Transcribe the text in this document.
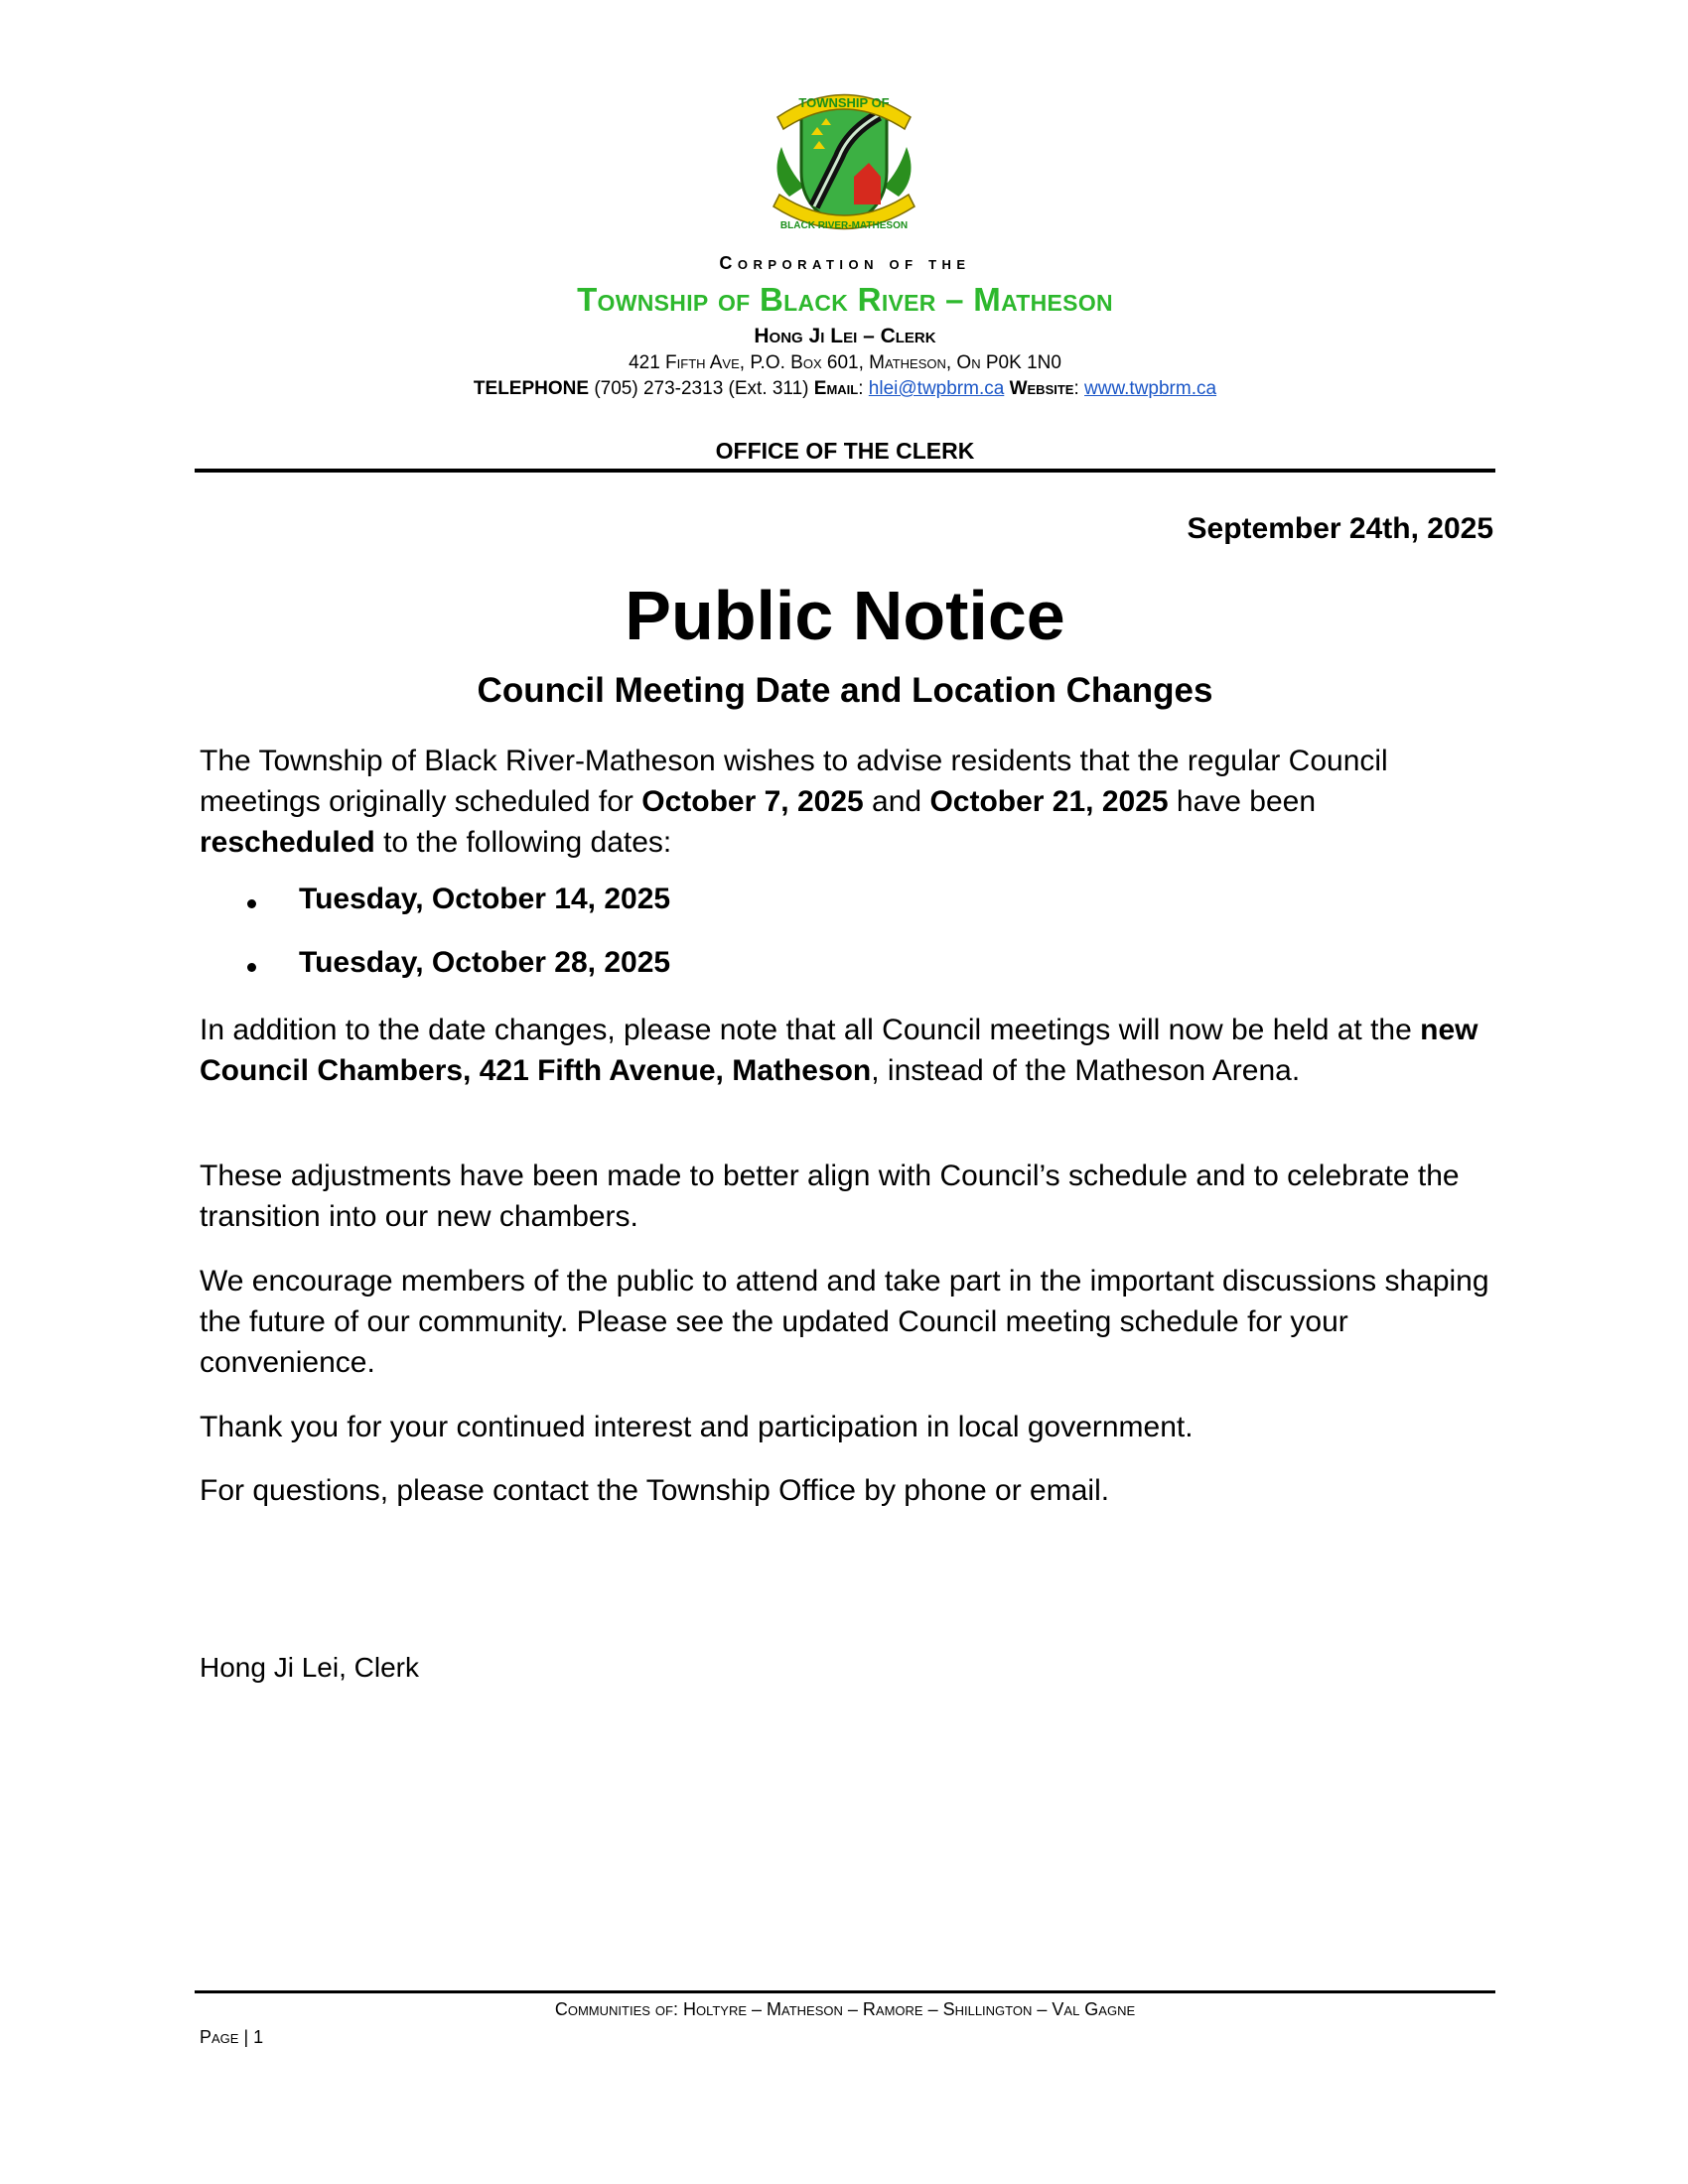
TOWNSHIP OF
BLACK RIVER-MATHESON
Corporation of the
Township of Black River – Matheson
Hong Ji Lei – Clerk
421 Fifth Ave, P.O. Box 601, Matheson, On P0K 1N0
TELEPHONE (705) 273-2313 (Ext. 311) Email: hlei@twpbrm.ca Website: www.twpbrm.ca
OFFICE OF THE CLERK
September 24th, 2025
Public Notice
Council Meeting Date and Location Changes
The Township of Black River-Matheson wishes to advise residents that the regular Council meetings originally scheduled for October 7, 2025 and October 21, 2025 have been rescheduled to the following dates:
Tuesday, October 14, 2025
Tuesday, October 28, 2025
In addition to the date changes, please note that all Council meetings will now be held at the new Council Chambers, 421 Fifth Avenue, Matheson, instead of the Matheson Arena.
These adjustments have been made to better align with Council’s schedule and to celebrate the transition into our new chambers.
We encourage members of the public to attend and take part in the important discussions shaping the future of our community. Please see the updated Council meeting schedule for your convenience.
Thank you for your continued interest and participation in local government.
For questions, please contact the Township Office by phone or email.
Hong Ji Lei, Clerk
Communities of: Holtyre – Matheson – Ramore – Shillington – Val Gagne
Page | 1
